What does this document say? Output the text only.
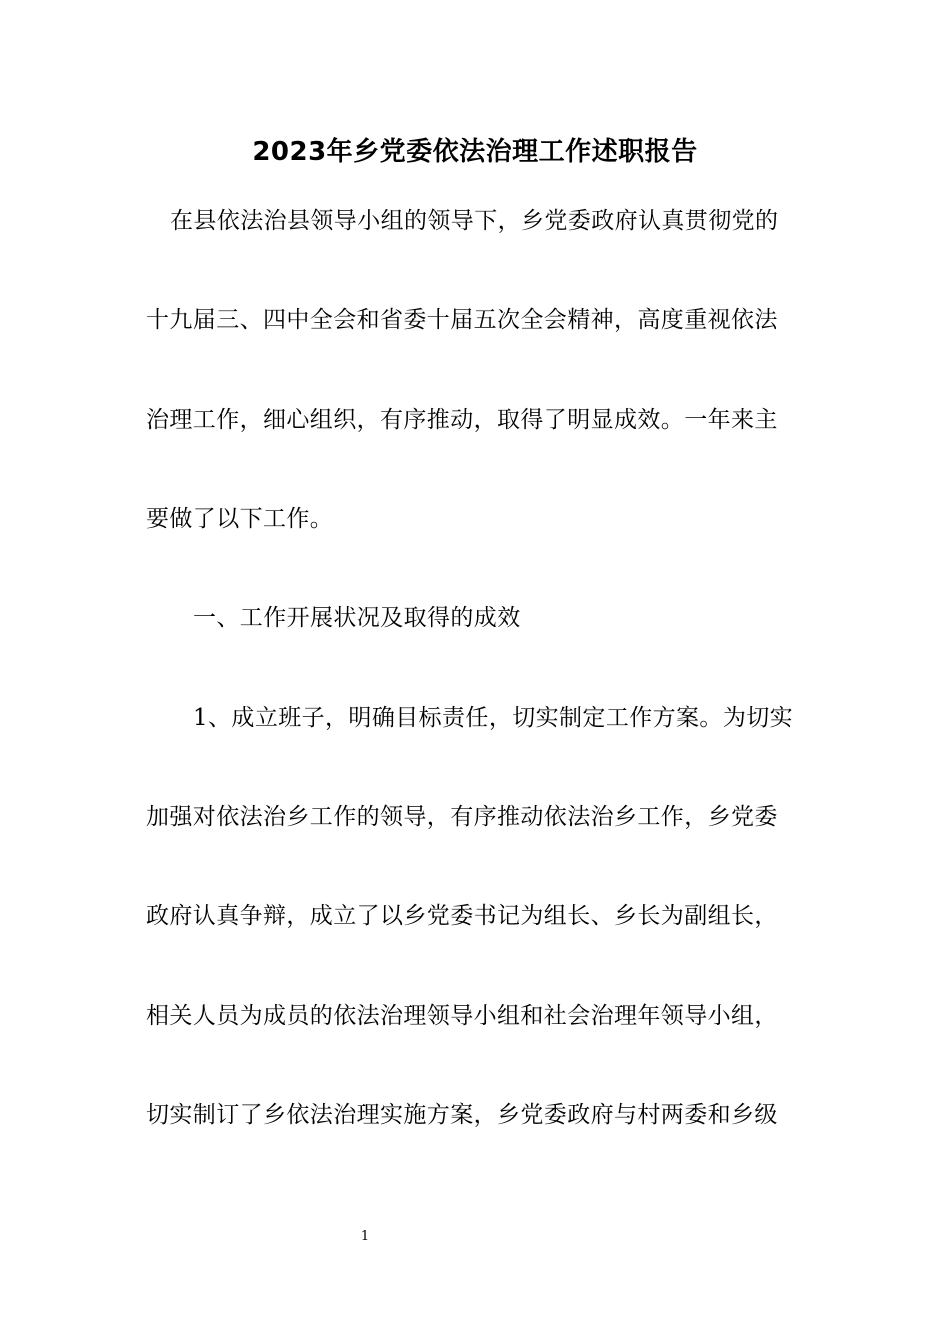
2023年乡党委依法治理工作述职报告
在县依法治县领导小组的领导下，乡党委政府认真贯彻党的
十九届三、四中全会和省委十届五次全会精神，高度重视依法
治理工作，细心组织，有序推动，取得了明显成效。一年来主
要做了以下工作。
一、工作开展状况及取得的成效
1、成立班子，明确目标责任，切实制定工作方案。为切实
加强对依法治乡工作的领导，有序推动依法治乡工作，乡党委
政府认真争辩，成立了以乡党委书记为组长、乡长为副组长，
相关人员为成员的依法治理领导小组和社会治理年领导小组，
切实制订了乡依法治理实施方案，乡党委政府与村两委和乡级
1
